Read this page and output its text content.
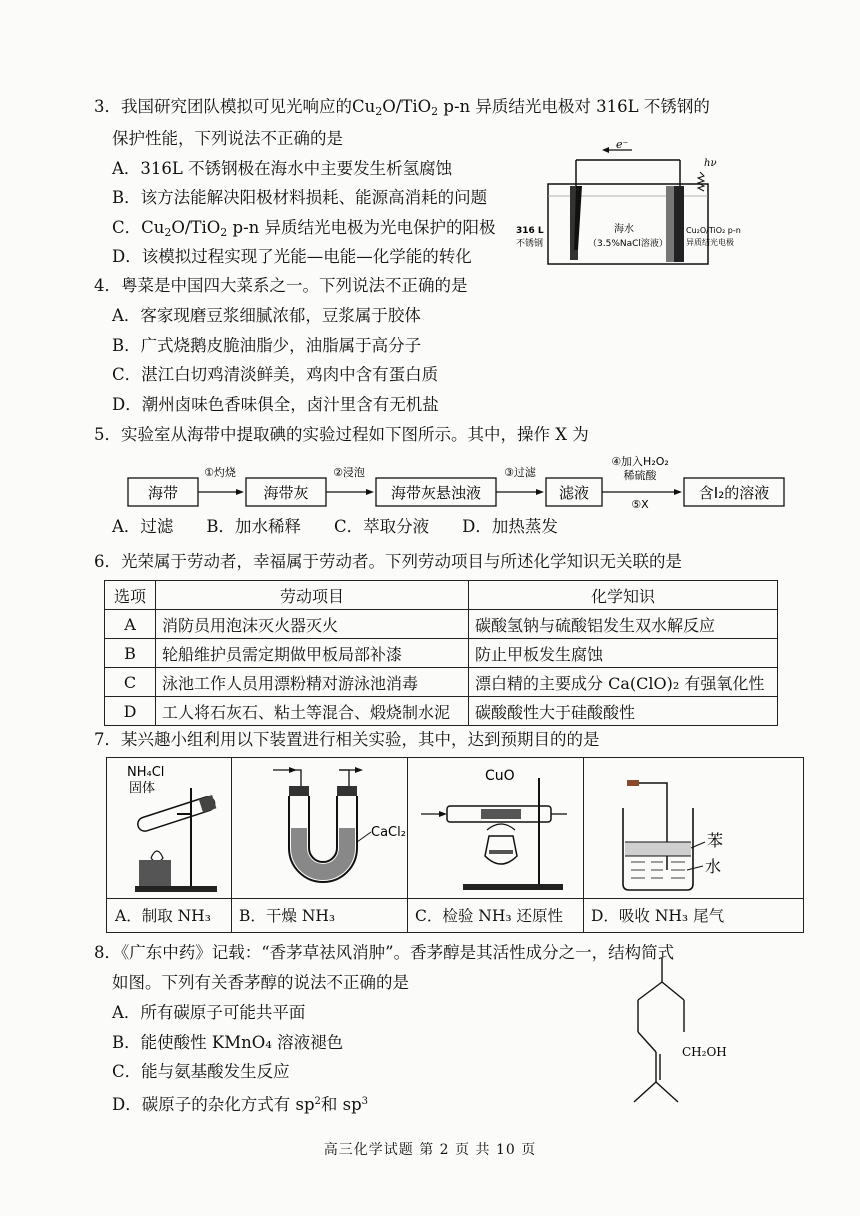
3．我国研究团队模拟可见光响应的$Cu_2O/TiO_2$ p-n 异质结光电极对 316L 不锈钢的
保护性能，下列说法不正确的是
A．316L 不锈钢极在海水中主要发生析氢腐蚀
B．该方法能解决阳极材料损耗、能源高消耗的问题
C．$Cu_2O/TiO_2$ p-n 异质结光电极为光电保护的阳极
D．该模拟过程实现了光能—电能—化学能的转化
e⁻
hν
316 L
不锈钢
海水
（3.5%NaCl溶液）
Cu₂O/TiO₂ p-n
异质结光电极
4．粤菜是中国四大菜系之一。下列说法不正确的是
A．客家现磨豆浆细腻浓郁，豆浆属于胶体
B．广式烧鹅皮脆油脂少，油脂属于高分子
C．湛江白切鸡清淡鲜美，鸡肉中含有蛋白质
D．潮州卤味色香味俱全，卤汁里含有无机盐
5．实验室从海带中提取碘的实验过程如下图所示。其中，操作 X 为
海带
①灼烧
海带灰
②浸泡
海带灰悬浊液
③过滤
滤液
④加入H₂O₂
稀硫酸
⑤X
含I₂的溶液
A．过滤　　B．加水稀释　　C．萃取分液　　D．加热蒸发
6．光荣属于劳动者，幸福属于劳动者。下列劳动项目与所述化学知识无关联的是
选项	劳动项目	化学知识
A	消防员用泡沫灭火器灭火	碳酸氢钠与硫酸铝发生双水解反应
B	轮船维护员需定期做甲板局部补漆	防止甲板发生腐蚀
C	泳池工作人员用漂粉精对游泳池消毒	漂白精的主要成分 Ca(ClO)₂ 有强氧化性
D	工人将石灰石、粘土等混合、煅烧制水泥	碳酸酸性大于硅酸酸性
7．某兴趣小组利用以下装置进行相关实验，其中，达到预期目的的是
NH₄Cl
固体
A．制取 NH₃
CaCl₂
B．干燥 NH₃
CuO
C．检验 NH₃ 还原性
苯
水
D．吸收 NH₃ 尾气
8．《广东中药》记载：“香茅草祛风消肿”。香茅醇是其活性成分之一，结构简式
如图。下列有关香茅醇的说法不正确的是
A．所有碳原子可能共平面
B．能使酸性 KMnO₄ 溶液褪色
C．能与氨基酸发生反应
D．碳原子的杂化方式有 $sp^2$和 $sp^3$
CH₂OH
高三化学试题 第 2 页 共 10 页
